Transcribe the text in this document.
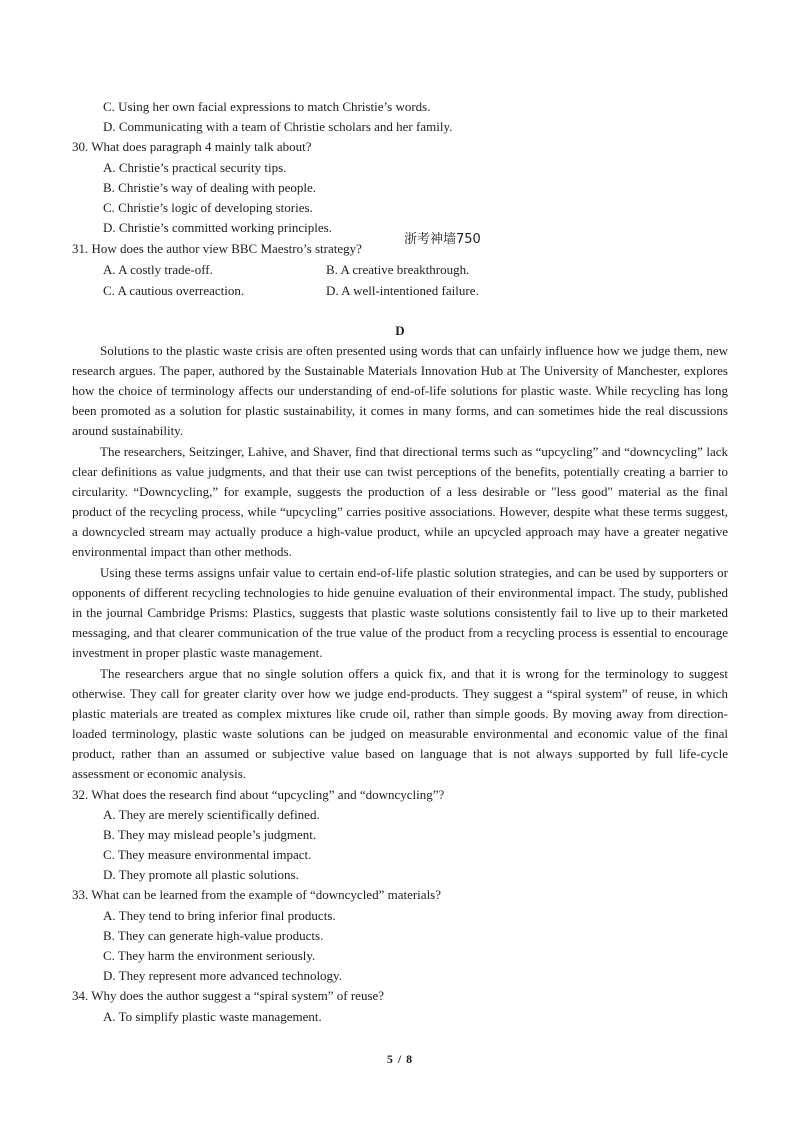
C. Using her own facial expressions to match Christie’s words.
D. Communicating with a team of Christie scholars and her family.
30. What does paragraph 4 mainly talk about?
A. Christie’s practical security tips.
B. Christie’s way of dealing with people.
C. Christie’s logic of developing stories.
D. Christie’s committed working principles.
浙考神墙750
31. How does the author view BBC Maestro’s strategy?
A. A costly trade-off.	B. A creative breakthrough.
C. A cautious overreaction.	D. A well-intentioned failure.
D

Solutions to the plastic waste crisis are often presented using words that can unfairly influence how we judge them, new research argues. The paper, authored by the Sustainable Materials Innovation Hub at The University of Manchester, explores how the choice of terminology affects our understanding of end-of-life solutions for plastic waste. While recycling has long been promoted as a solution for plastic sustainability, it comes in many forms, and can sometimes hide the real discussions around sustainability.

The researchers, Seitzinger, Lahive, and Shaver, find that directional terms such as “upcycling” and “downcycling” lack clear definitions as value judgments, and that their use can twist perceptions of the benefits, potentially creating a barrier to circularity. “Downcycling,” for example, suggests the production of a less desirable or "less good" material as the final product of the recycling process, while “upcycling” carries positive associations. However, despite what these terms suggest, a downcycled stream may actually produce a high-value product, while an upcycled approach may have a greater negative environmental impact than other methods.

Using these terms assigns unfair value to certain end-of-life plastic solution strategies, and can be used by supporters or opponents of different recycling technologies to hide genuine evaluation of their environmental impact. The study, published in the journal Cambridge Prisms: Plastics, suggests that plastic waste solutions consistently fail to live up to their marketed messaging, and that clearer communication of the true value of the product from a recycling process is essential to encourage investment in proper plastic waste management.

The researchers argue that no single solution offers a quick fix, and that it is wrong for the terminology to suggest otherwise. They call for greater clarity over how we judge end-products. They suggest a “spiral system” of reuse, in which plastic materials are treated as complex mixtures like crude oil, rather than simple goods. By moving away from direction-loaded terminology, plastic waste solutions can be judged on measurable environmental and economic value of the final product, rather than an assumed or subjective value based on language that is not always supported by full life-cycle assessment or economic analysis.

32. What does the research find about “upcycling” and “downcycling”?
A. They are merely scientifically defined.
B. They may mislead people’s judgment.
C. They measure environmental impact.
D. They promote all plastic solutions.
33. What can be learned from the example of “downcycled” materials?
A. They tend to bring inferior final products.
B. They can generate high-value products.
C. They harm the environment seriously.
D. They represent more advanced technology.
34. Why does the author suggest a “spiral system” of reuse?
A. To simplify plastic waste management.
5 / 8
